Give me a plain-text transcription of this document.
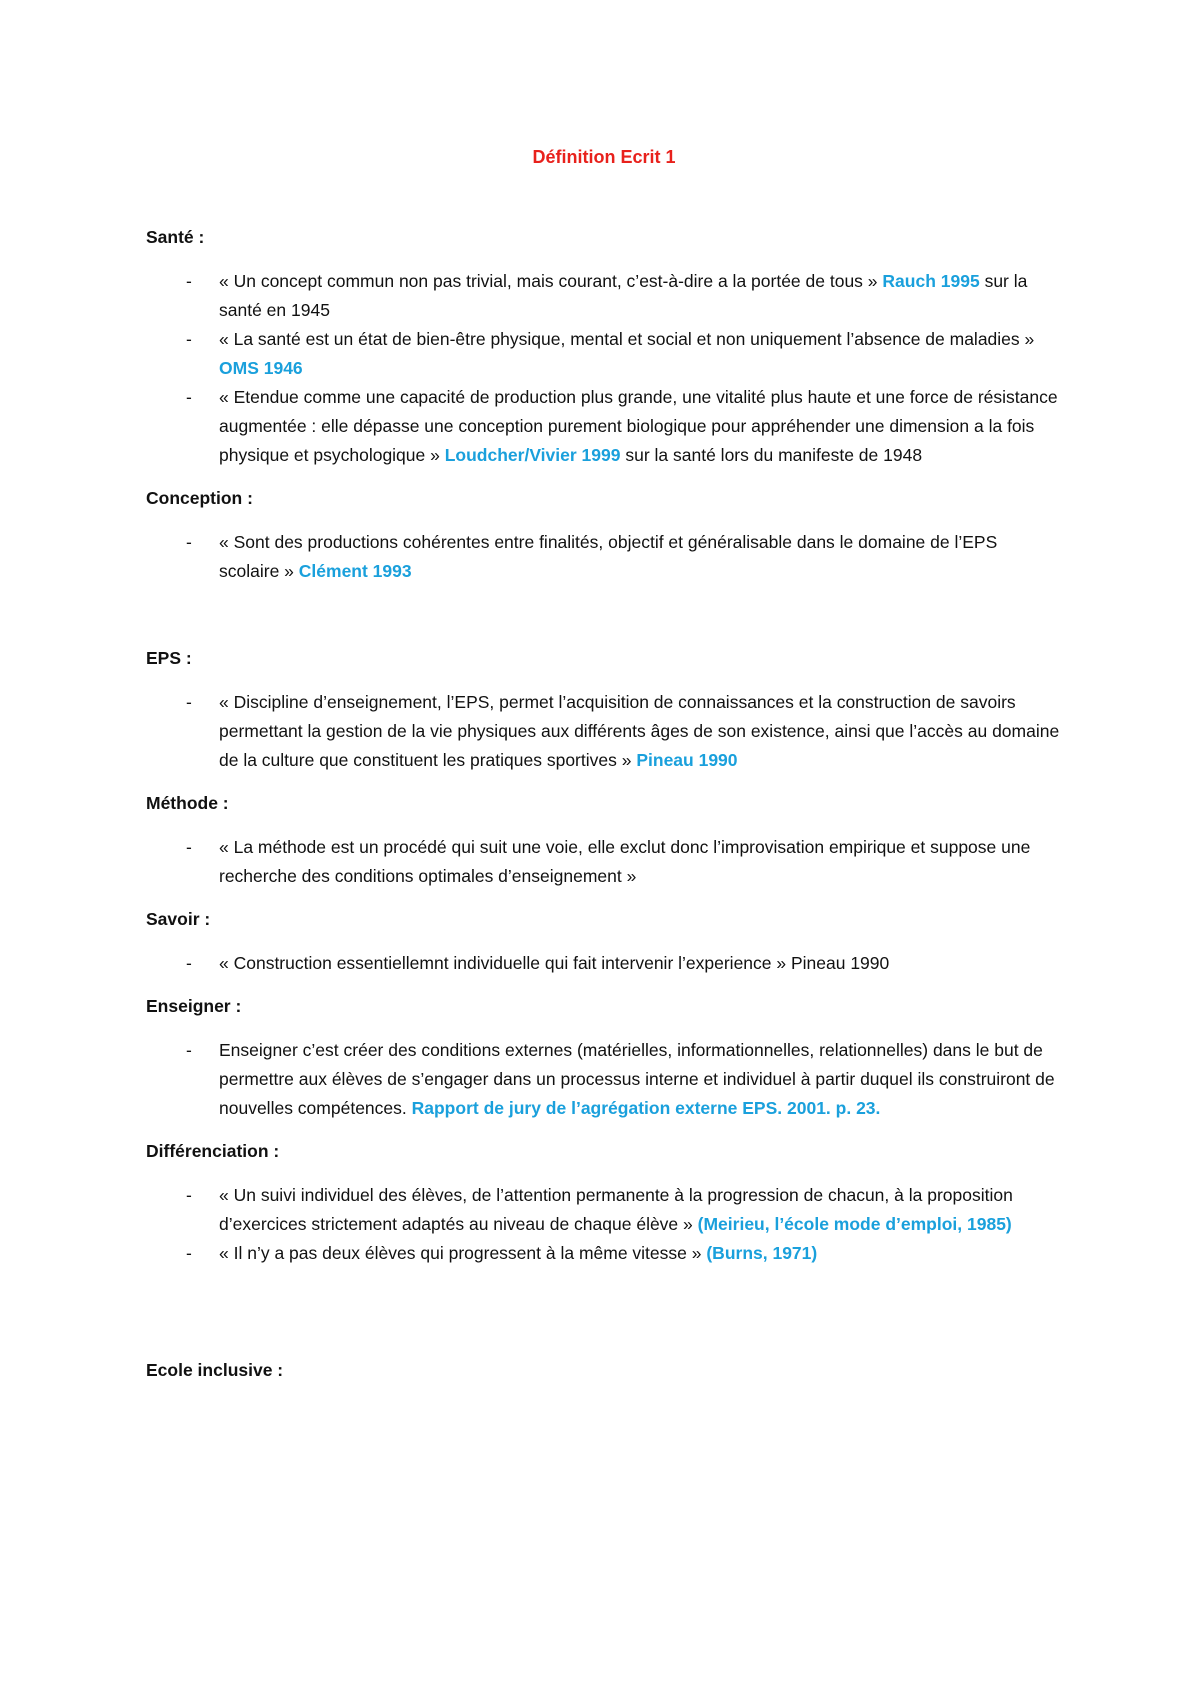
Définition Ecrit 1
Santé :
- « Un concept commun non pas trivial, mais courant, c’est-à-dire a la portée de tous » Rauch 1995 sur la santé en 1945
- « La santé est un état de bien-être physique, mental et social et non uniquement l’absence de maladies » OMS 1946
- « Etendue comme une capacité de production plus grande, une vitalité plus haute et une force de résistance augmentée : elle dépasse une conception purement biologique pour appréhender une dimension a la fois physique et psychologique » Loudcher/Vivier 1999 sur la santé lors du manifeste de 1948
Conception :
- « Sont des productions cohérentes entre finalités, objectif et généralisable dans le domaine de l’EPS scolaire » Clément 1993
EPS :
- « Discipline d’enseignement, l’EPS, permet l’acquisition de connaissances et la construction de savoirs permettant la gestion de la vie physiques aux différents âges de son existence, ainsi que l’accès au domaine de la culture que constituent les pratiques sportives » Pineau 1990
Méthode :
- « La méthode est un procédé qui suit une voie, elle exclut donc l’improvisation empirique et suppose une recherche des conditions optimales d’enseignement »
Savoir :
- « Construction essentiellemnt individuelle qui fait intervenir l’experience » Pineau 1990
Enseigner :
- Enseigner c’est créer des conditions externes (matérielles, informationnelles, relationnelles) dans le but de permettre aux élèves de s’engager dans un processus interne et individuel à partir duquel ils construiront de nouvelles compétences. Rapport de jury de l’agrégation externe EPS. 2001. p. 23.
Différenciation :
- « Un suivi individuel des élèves, de l’attention permanente à la progression de chacun, à la proposition d’exercices strictement adaptés au niveau de chaque élève » (Meirieu, l’école mode d’emploi, 1985)
- « Il n’y a pas deux élèves qui progressent à la même vitesse » (Burns, 1971)
Ecole inclusive :
